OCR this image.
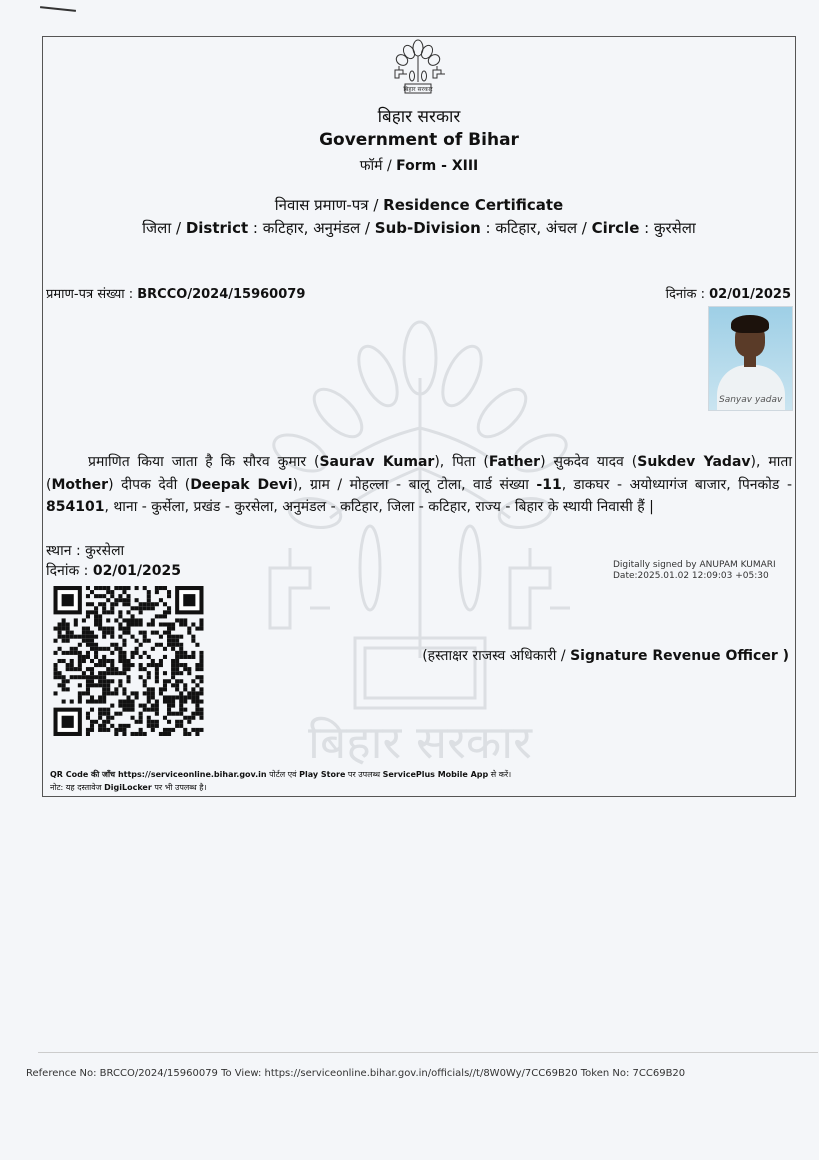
बिहार सरकार
बिहार सरकार
Government of Bihar
फॉर्म / Form - XIII
निवास प्रमाण-पत्र / Residence Certificate
जिला / District : कटिहार, अनुमंडल / Sub-Division : कटिहार, अंचल / Circle : कुरसेला
प्रमाण-पत्र संख्या : BRCCO/2024/15960079	दिनांक : 02/01/2025
Sanyav yadav
बिहार सरकार
प्रमाणित किया जाता है कि सौरव कुमार (Saurav Kumar), पिता (Father) सुकदेव यादव (Sukdev Yadav), माता (Mother) दीपक देवी (Deepak Devi), ग्राम / मोहल्ला - बालू टोला, वार्ड संख्या -11, डाकघर - अयोध्यागंज बाजार, पिनकोड - 854101, थाना - कुर्सेला, प्रखंड - कुरसेला, अनुमंडल - कटिहार, जिला - कटिहार, राज्य - बिहार के स्थायी निवासी हैं |
स्थान : कुरसेला
दिनांक : 02/01/2025	Digitally signed by ANUPAM KUMARI
Date:2025.01.02 12:09:03 +05:30
(हस्ताक्षर राजस्व अधिकारी / Signature Revenue Officer )
QR Code की जाँच https://serviceonline.bihar.gov.in पोर्टल एवं Play Store पर उपलब्ध ServicePlus Mobile App से करें।
नोट: यह दस्तावेज DigiLocker पर भी उपलब्ध है।
Reference No: BRCCO/2024/15960079 To View: https://serviceonline.bihar.gov.in/officials//t/8W0Wy/7CC69B20 Token No: 7CC69B20
